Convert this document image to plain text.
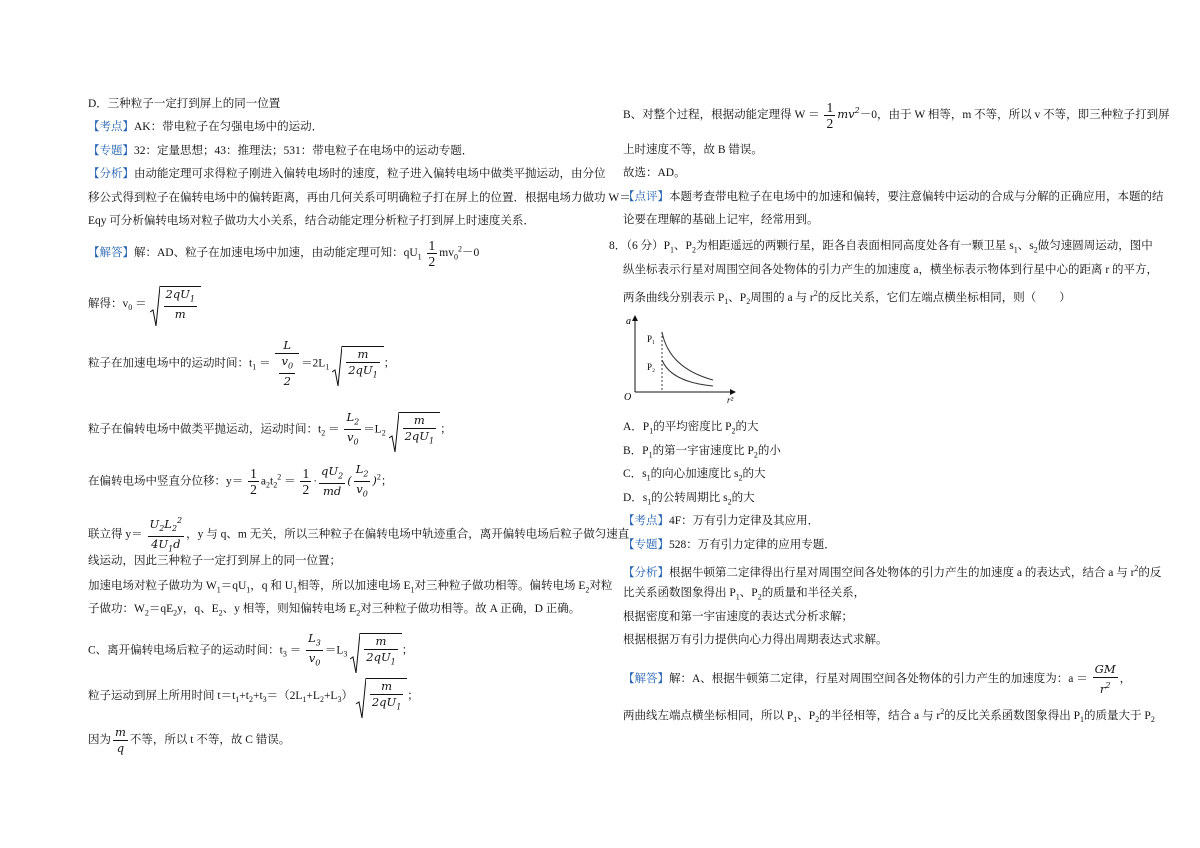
D．三种粒子一定打到屏上的同一位置
【考点】AK：带电粒子在匀强电场中的运动．
【专题】32：定量思想；43：推理法；531：带电粒子在电场中的运动专题．
【分析】由动能定理可求得粒子刚进入偏转电场时的速度，粒子进入偏转电场中做类平抛运动，由分位
移公式得到粒子在偏转电场中的偏转距离，再由几何关系可明确粒子打在屏上的位置．根据电场力做功 W＝
Eqy 可分析偏转电场对粒子做功大小关系，结合动能定理分析粒子打到屏上时速度关系．
【解答】解：AD、粒子在加速电场中加速，由动能定理可知：$qU_1 \frac{1}{2} mv_0^2-0$
解得：$v_0 = \frac{2qU_1}{m}$
粒子在加速电场中的运动时间：$t_1 = \frac{L}{\frac{v_0}{2}} =2L_1 \frac{m}{2qU_1}$ ；
粒子在偏转电场中做类平抛运动，运动时间：$t_2 = \frac{L_2}{v_0} =L_2 \frac{m}{2qU_1}$ ；
在偏转电场中竖直分位移：$y= \frac{1}{2} a_2t_2^2 = \frac{1}{2} \cdot \frac{qU_2}{md}$ ( $\frac{L_2}{v_0} )^2$；
联立得 $y= \frac{U_2L_2^2}{4U_1d}$ ，y 与 q、m 无关，所以三种粒子在偏转电场中轨迹重合，离开偏转电场后粒子做匀速直
线运动，因此三种粒子一定打到屏上的同一位置；
加速电场对粒子做功为 $W_1=qU_1$，q 和 $U_1$相等，所以加速电场 $E_1$对三种粒子做功相等。偏转电场 $E_2$对粒
子做功：$W_2=qE_2y$，q、$E_2$、y 相等，则知偏转电场 $E_2$对三种粒子做功相等。故 A 正确，D 正确。
C、离开偏转电场后粒子的运动时间：$t_3 = \frac{L_3}{v_0} =L_3 \frac{m}{2qU_1}$ ；
粒子运动到屏上所用时间 $t=t_1+t_2+t_3=(2L_1+L_2+L_3) \frac{m}{2qU_1}$ ；
因为 $\frac{m}{q}$ 不等，所以 t 不等，故 C 错误。
B、对整个过程，根据动能定理得 $W = \frac{1}{2} mv^2-0$，由于 W 相等，m 不等，所以 v 不等，即三种粒子打到屏
上时速度不等，故 B 错误。
故选：AD。
【点评】本题考查带电粒子在电场中的加速和偏转，要注意偏转中运动的合成与分解的正确应用，本题的结
论要在理解的基础上记牢，经常用到。
8．（6 分）$P_1$、$P_2$为相距遥远的两颗行星，距各自表面相同高度处各有一颗卫星 $s_1$、$s_2$做匀速圆周运动，图中
纵坐标表示行星对周围空间各处物体的引力产生的加速度 a，横坐标表示物体到行星中心的距离 r 的平方，
两条曲线分别表示 $P_1$、$P_2$周围的 a 与 $r^2$的反比关系，它们左端点横坐标相同，则（　　）
a
r²
O
P₁
P₂
A．$P_1$的平均密度比 $P_2$的大
B．$P_1$的第一宇宙速度比 $P_2$的小
C．$s_1$的向心加速度比 $s_2$的大
D．$s_1$的公转周期比 $s_2$的大
【考点】4F：万有引力定律及其应用．
【专题】528：万有引力定律的应用专题．
【分析】根据牛顿第二定律得出行星对周围空间各处物体的引力产生的加速度 a 的表达式，结合 a 与 $r^2$的反
比关系函数图象得出 $P_1$、$P_2$的质量和半径关系，
根据密度和第一宇宙速度的表达式分析求解；
根据根据万有引力提供向心力得出周期表达式求解。
【解答】解：A、根据牛顿第二定律，行星对周围空间各处物体的引力产生的加速度为：$a = \frac{GM}{r^2}$ ，
两曲线左端点横坐标相同，所以 $P_1$、$P_2$的半径相等，结合 a 与 $r^2$的反比关系函数图象得出 $P_1$的质量大于 $P_2$
